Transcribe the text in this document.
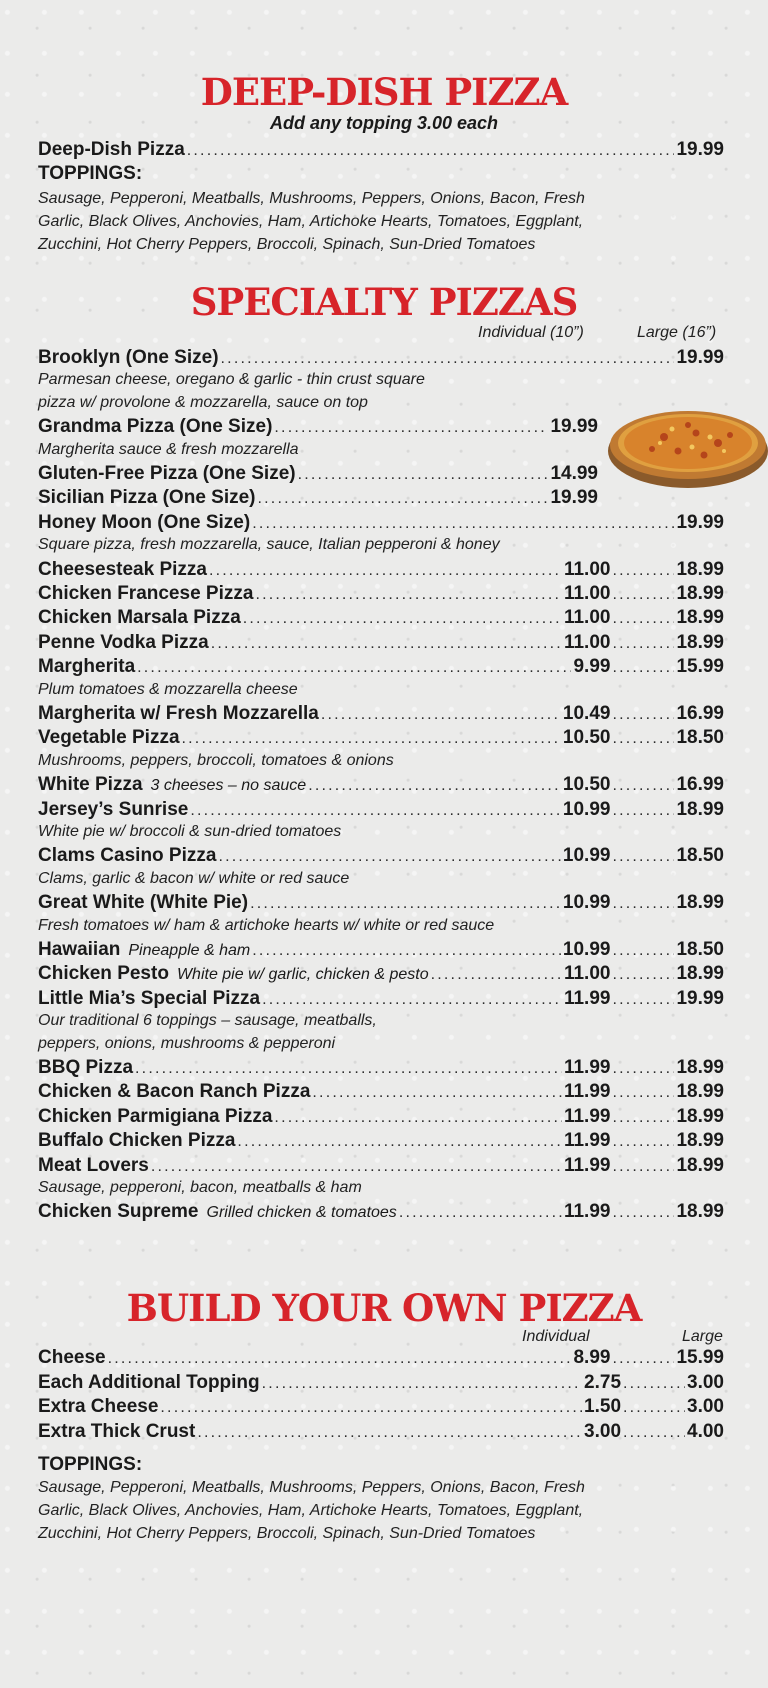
DEEP-DISH PIZZA
Add any topping 3.00 each
Deep-Dish Pizza .....	19.99
TOPPINGS:
Sausage, Pepperoni, Meatballs, Mushrooms, Peppers, Onions, Bacon, Fresh
Garlic, Black Olives, Anchovies, Ham, Artichoke Hearts, Tomatoes, Eggplant,
Zucchini, Hot Cherry Peppers, Broccoli, Spinach, Sun-Dried Tomatoes
SPECIALTY PIZZAS
Individual (10”)	Large (16”)
Brooklyn (One Size) .....	19.99
Parmesan cheese, oregano & garlic - thin crust square
pizza w/ provolone & mozzarella, sauce on top
Grandma Pizza (One Size) .....	19.99
Margherita sauce & fresh mozzarella
Gluten-Free Pizza (One Size) .....	14.99
Sicilian Pizza (One Size) .....	19.99
Honey Moon (One Size) .....	19.99
Square pizza, fresh mozzarella, sauce, Italian pepperoni & honey
Cheesesteak Pizza .....	11.00 .....	18.99
Chicken Francese Pizza .....	11.00 .....	18.99
Chicken Marsala Pizza .....	11.00 .....	18.99
Penne Vodka Pizza .....	11.00 .....	18.99
Margherita .....	9.99 .....	15.99
Plum tomatoes & mozzarella cheese
Margherita w/ Fresh Mozzarella .....	10.49 .....	16.99
Vegetable Pizza .....	10.50 .....	18.50
Mushrooms, peppers, broccoli, tomatoes & onions
White Pizza 3 cheeses – no sauce .....	10.50 .....	16.99
Jersey’s Sunrise .....	10.99 .....	18.99
White pie w/ broccoli & sun-dried tomatoes
Clams Casino Pizza .....	10.99 .....	18.50
Clams, garlic & bacon w/ white or red sauce
Great White (White Pie) .....	10.99 .....	18.99
Fresh tomatoes w/ ham & artichoke hearts w/ white or red sauce
Hawaiian Pineapple & ham .....	10.99 .....	18.50
Chicken Pesto White pie w/ garlic, chicken & pesto .....	11.00 .....	18.99
Little Mia’s Special Pizza .....	11.99 .....	19.99
Our traditional 6 toppings – sausage, meatballs,
peppers, onions, mushrooms & pepperoni
BBQ Pizza .....	11.99 .....	18.99
Chicken & Bacon Ranch Pizza .....	11.99 .....	18.99
Chicken Parmigiana Pizza .....	11.99 .....	18.99
Buffalo Chicken Pizza .....	11.99 .....	18.99
Meat Lovers .....	11.99 .....	18.99
Sausage, pepperoni, bacon, meatballs & ham
Chicken Supreme Grilled chicken & tomatoes .....	11.99 .....	18.99
BUILD YOUR OWN PIZZA
Individual	Large
Cheese .....	8.99 .....	15.99
Each Additional Topping .....	2.75 .....	3.00
Extra Cheese .....	1.50 .....	3.00
Extra Thick Crust .....	3.00 .....	4.00
TOPPINGS:
Sausage, Pepperoni, Meatballs, Mushrooms, Peppers, Onions, Bacon, Fresh
Garlic, Black Olives, Anchovies, Ham, Artichoke Hearts, Tomatoes, Eggplant,
Zucchini, Hot Cherry Peppers, Broccoli, Spinach, Sun-Dried Tomatoes
